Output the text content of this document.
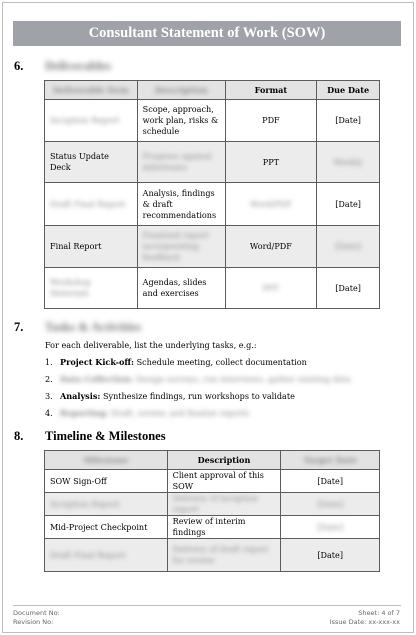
Consultant Statement of Work (SOW)
6. Deliverables
Deliverable Item	Description	Format	Due Date
Inception Report	Scope, approach, work plan, risks & schedule	PDF	[Date]
Status Update Deck	Progress against milestones	PPT	Weekly
Draft Final Report	Analysis, findings & draft recommendations	Word/PDF	[Date]
Final Report	Finalized report incorporating feedback	Word/PDF	[Date]
Workshop Materials	Agendas, slides and exercises	PPT	[Date]
7. Tasks & Activities
For each deliverable, list the underlying tasks, e.g.:
1. Project Kick-off: Schedule meeting, collect documentation
2. Data Collection: Design surveys, run interviews, gather existing data
3. Analysis: Synthesize findings, run workshops to validate
4. Reporting: Draft, review, and finalize reports
8. Timeline & Milestones
Milestone	Description	Target Date
SOW Sign-Off	Client approval of this SOW	[Date]
Inception Report	Delivery of inception report	[Date]
Mid-Project Checkpoint	Review of interim findings	[Date]
Draft Final Report	Delivery of draft report for review	[Date]
Document No:
Revision No:
Sheet: 4 of 7
Issue Date: xx-xxx-xx
